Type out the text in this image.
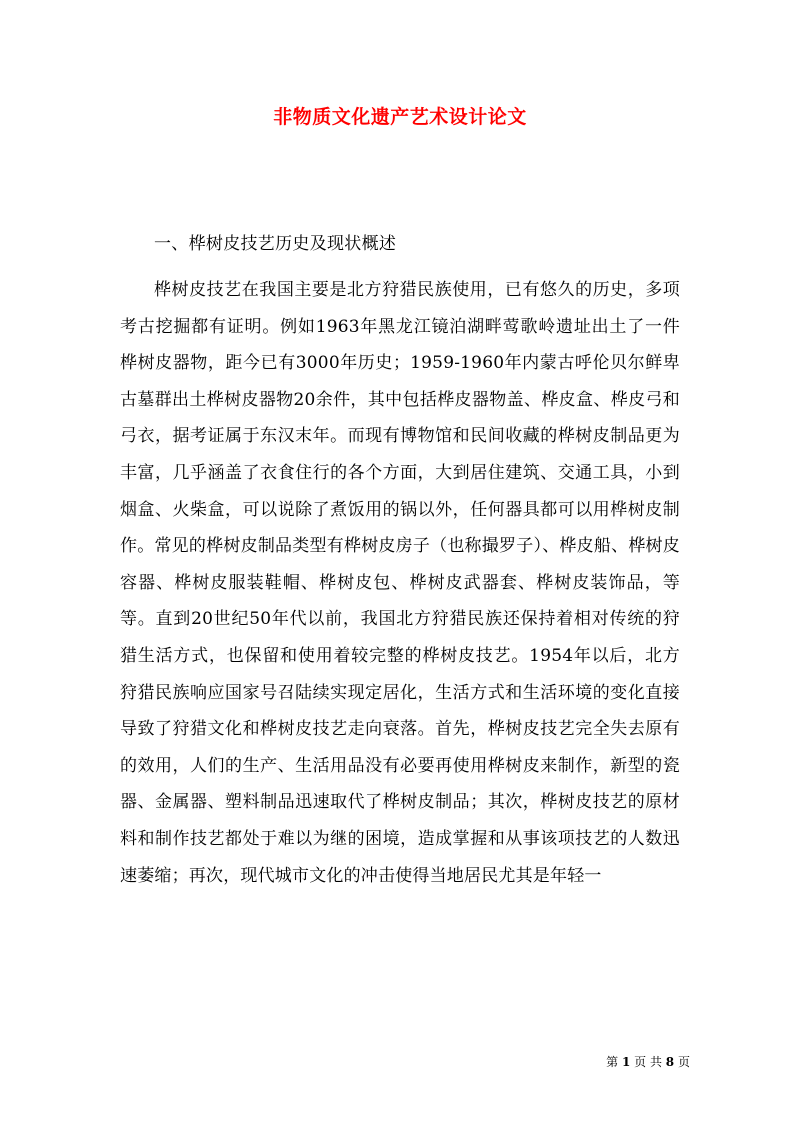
非物质文化遗产艺术设计论文
一、桦树皮技艺历史及现状概述

桦树皮技艺在我国主要是北方狩猎民族使用，已有悠久的历史，多项考古挖掘都有证明。例如1963年黑龙江镜泊湖畔莺歌岭遗址出土了一件桦树皮器物，距今已有3000年历史；1959-1960年内蒙古呼伦贝尔鲜卑古墓群出土桦树皮器物20余件，其中包括桦皮器物盖、桦皮盒、桦皮弓和弓衣，据考证属于东汉末年。而现有博物馆和民间收藏的桦树皮制品更为丰富，几乎涵盖了衣食住行的各个方面，大到居住建筑、交通工具，小到烟盒、火柴盒，可以说除了煮饭用的锅以外，任何器具都可以用桦树皮制作。常见的桦树皮制品类型有桦树皮房子（也称撮罗子）、桦皮船、桦树皮容器、桦树皮服装鞋帽、桦树皮包、桦树皮武器套、桦树皮装饰品，等等。直到20世纪50年代以前，我国北方狩猎民族还保持着相对传统的狩猎生活方式，也保留和使用着较完整的桦树皮技艺。1954年以后，北方狩猎民族响应国家号召陆续实现定居化，生活方式和生活环境的变化直接导致了狩猎文化和桦树皮技艺走向衰落。首先，桦树皮技艺完全失去原有的效用，人们的生产、生活用品没有必要再使用桦树皮来制作，新型的瓷器、金属器、塑料制品迅速取代了桦树皮制品；其次，桦树皮技艺的原材料和制作技艺都处于难以为继的困境，造成掌握和从事该项技艺的人数迅速萎缩；再次，现代城市文化的冲击使得当地居民尤其是年轻一

第 1 页 共 8 页
